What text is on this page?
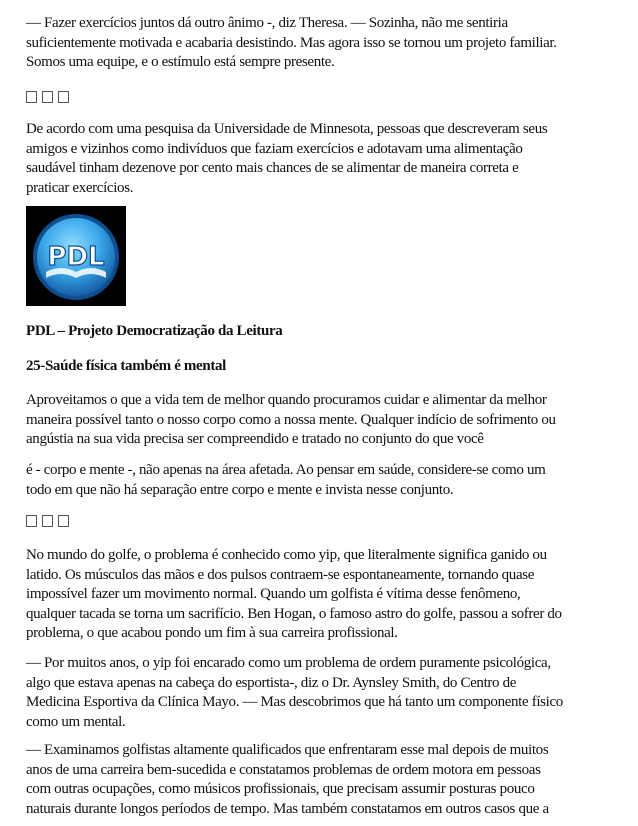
— Fazer exercícios juntos dá outro ânimo -, diz Theresa. — Sozinha, não me sentiria
suficientemente motivada e acabaria desistindo. Mas agora isso se tornou um projeto familiar.
Somos uma equipe, e o estímulo está sempre presente.

De acordo com uma pesquisa da Universidade de Minnesota, pessoas que descreveram seus
amigos e vizinhos como indivíduos que faziam exercícios e adotavam uma alimentação
saudável tinham dezenove por cento mais chances de se alimentar de maneira correta e
praticar exercícios.

PDL

PDL – Projeto Democratização da Leitura

25-Saúde física também é mental

Aproveitamos o que a vida tem de melhor quando procuramos cuidar e alimentar da melhor
maneira possível tanto o nosso corpo como a nossa mente. Qualquer indício de sofrimento ou
angústia na sua vida precisa ser compreendido e tratado no conjunto do que você

é - corpo e mente -, não apenas na área afetada. Ao pensar em saúde, considere-se como um
todo em que não há separação entre corpo e mente e invista nesse conjunto.

No mundo do golfe, o problema é conhecido como yip, que literalmente significa ganido ou
latido. Os músculos das mãos e dos pulsos contraem-se espontaneamente, tornando quase
impossível fazer um movimento normal. Quando um golfista é vítima desse fenômeno,
qualquer tacada se torna um sacrifício. Ben Hogan, o famoso astro do golfe, passou a sofrer do
problema, o que acabou pondo um fim à sua carreira profissional.

— Por muitos anos, o yip foi encarado como um problema de ordem puramente psicológica,
algo que estava apenas na cabeça do esportista-, diz o Dr. Aynsley Smith, do Centro de
Medicina Esportiva da Clínica Mayo. — Mas descobrimos que há tanto um componente físico
como um mental.

— Examinamos golfistas altamente qualificados que enfrentaram esse mal depois de muitos
anos de uma carreira bem-sucedida e constatamos problemas de ordem motora em pessoas
com outras ocupações, como músicos profissionais, que precisam assumir posturas pouco
naturais durante longos períodos de tempo. Mas também constatamos em outros casos que a
